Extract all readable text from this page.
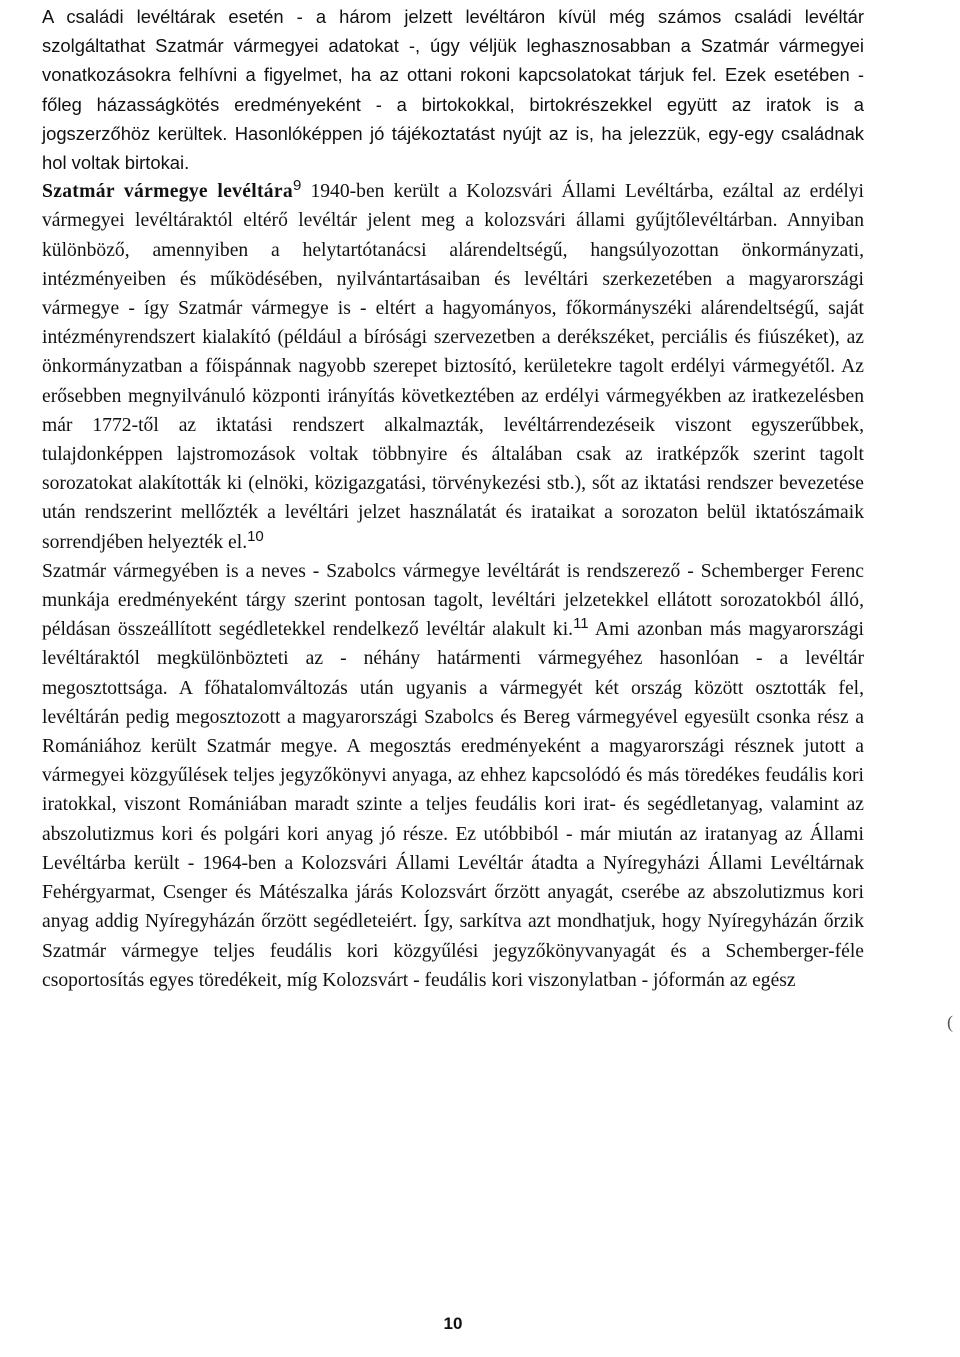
A családi levéltárak esetén - a három jelzett levéltáron kívül még számos családi levéltár szolgáltathat Szatmár vármegyei adatokat -, úgy véljük leghasznosabban a Szatmár vármegyei vonatkozásokra felhívni a figyelmet, ha az ottani rokoni kapcsolatokat tárjuk fel. Ezek esetében - főleg házasságkötés eredményeként - a birtokokkal, birtokrészekkel együtt az iratok is a jogszerzőhöz kerültek. Hasonlóképpen jó tájékoztatást nyújt az is, ha jelezzük, egy-egy családnak hol voltak birtokai.

Szatmár vármegye levéltára$^9$ 1940-ben került a Kolozsvári Állami Levéltárba, ezáltal az erdélyi vármegyei levéltáraktól eltérő levéltár jelent meg a kolozsvári állami gyűjtőlevéltárban. Annyiban különböző, amennyiben a helytartótanácsi alárendeltségű, hangsúlyozottan önkormányzati, intézményeiben és működésében, nyilvántartásaiban és levéltári szerkezetében a magyarországi vármegye - így Szatmár vármegye is - eltért a hagyományos, főkormányszéki alárendeltségű, saját intézményrendszert kialakító (például a bírósági szervezetben a derékszéket, perciális és fiúszéket), az önkormányzatban a főispánnak nagyobb szerepet biztosító, kerületekre tagolt erdélyi vármegyétől. Az erősebben megnyilvánuló központi irányítás következtében az erdélyi vármegyékben az iratkezelésben már 1772-től az iktatási rendszert alkalmazták, levéltárrendezéseik viszont egyszerűbbek, tulajdonképpen lajstromozások voltak többnyire és általában csak az iratképzők szerint tagolt sorozatokat alakították ki (elnöki, közigazgatási, törvénykezési stb.), sőt az iktatási rendszer bevezetése után rendszerint mellőzték a levéltári jelzet használatát és irataikat a sorozaton belül iktatószámaik sorrendjében helyezték el.$^{10}$

Szatmár vármegyében is a neves - Szabolcs vármegye levéltárát is rendszerező - Schemberger Ferenc munkája eredményeként tárgy szerint pontosan tagolt, levéltári jelzetekkel ellátott sorozatokból álló, példásan összeállított segédletekkel rendelkező levéltár alakult ki.$^{11}$ Ami azonban más magyarországi levéltáraktól megkülönbözteti az - néhány határmenti vármegyéhez hasonlóan - a levéltár megosztottsága. A főhatalomváltozás után ugyanis a vármegyét két ország között osztották fel, levéltárán pedig megosztozott a magyarországi Szabolcs és Bereg vármegyével egyesült csonka rész a Romániához került Szatmár megye. A megosztás eredményeként a magyarországi résznek jutott a vármegyei közgyűlések teljes jegyzőkönyvi anyaga, az ehhez kapcsolódó és más töredékes feudális kori iratokkal, viszont Romániában maradt szinte a teljes feudális kori irat- és segédletanyag, valamint az abszolutizmus kori és polgári kori anyag jó része. Ez utóbbiból - már miután az iratanyag az Állami Levéltárba került - 1964-ben a Kolozsvári Állami Levéltár átadta a Nyíregyházi Állami Levéltárnak Fehérgyarmat, Csenger és Mátészalka járás Kolozsvárt őrzött anyagát, cserébe az abszolutizmus kori anyag addig Nyíregyházán őrzött segédleteiért. Így, sarkítva azt mondhatjuk, hogy Nyíregyházán őrzik Szatmár vármegye teljes feudális kori közgyűlési jegyzőkönyvanyagát és a Schemberger-féle csoportosítás egyes töredékeit, míg Kolozsvárt - feudális kori viszonylatban - jóformán az egész

(
10
